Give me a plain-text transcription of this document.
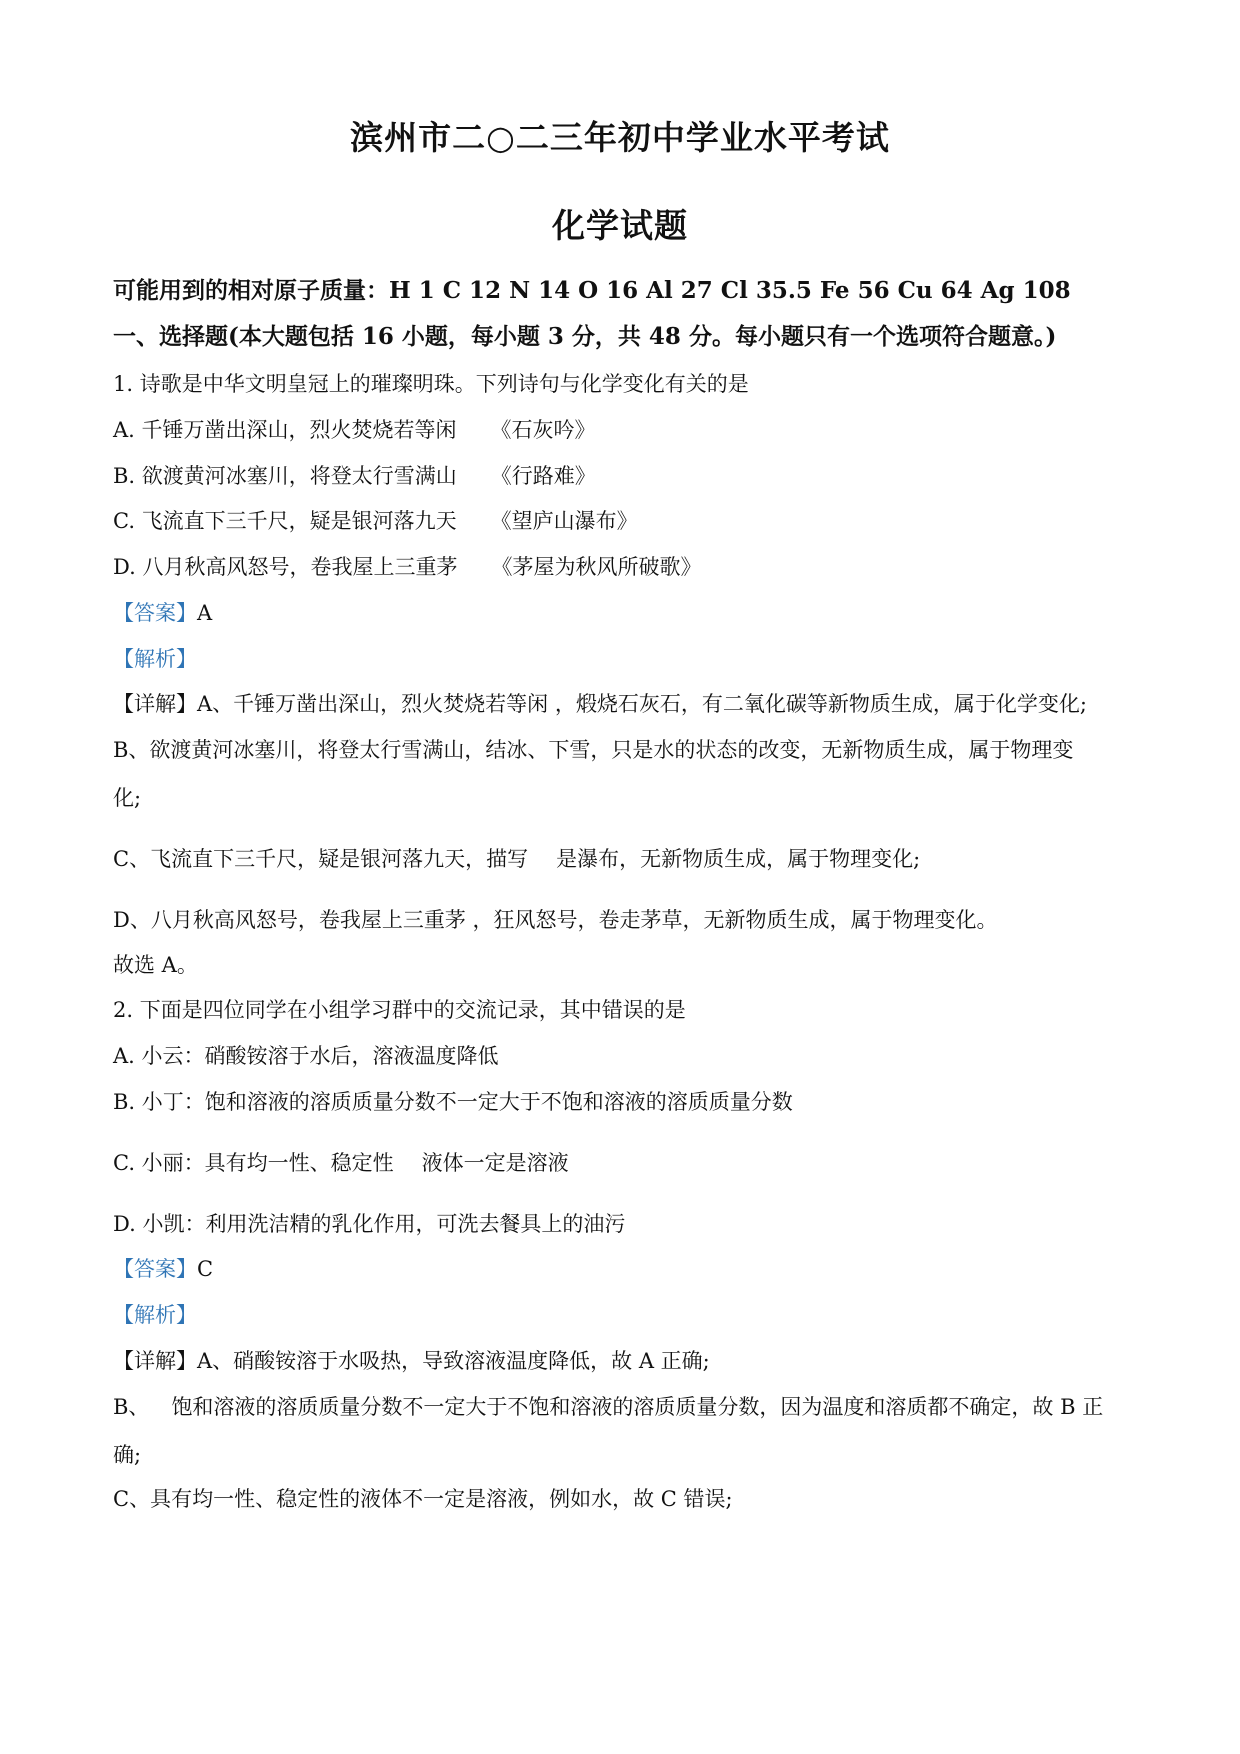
滨州市二○二三年初中学业水平考试
化学试题
可能用到的相对原子质量：H 1 C 12 N 14 O 16 Al 27 Cl 35.5 Fe 56 Cu 64 Ag 108
一、选择题(本大题包括 16 小题，每小题 3 分，共 48 分。每小题只有一个选项符合题意。)
1. 诗歌是中华文明皇冠上的璀璨明珠。下列诗句与化学变化有关的是
A. 千锤万凿出深山，烈火焚烧若等闲 《石灰吟》
B. 欲渡黄河冰塞川，将登太行雪满山 《行路难》
C. 飞流直下三千尺，疑是银河落九天 《望庐山瀑布》
D. 八月秋高风怒号，卷我屋上三重茅 《茅屋为秋风所破歌》
【答案】A
【解析】
【详解】A、千锤万凿出深山，烈火焚烧若等闲 ，煅烧石灰石，有二氧化碳等新物质生成，属于化学变化;
B、欲渡黄河冰塞川，将登太行雪满山，结冰、下雪，只是水的状态的改变，无新物质生成，属于物理变
化;
C、飞流直下三千尺，疑是银河落九天，描写 是瀑布，无新物质生成，属于物理变化;
D、八月秋高风怒号，卷我屋上三重茅 ，狂风怒号，卷走茅草，无新物质生成，属于物理变化。
故选 A。
2. 下面是四位同学在小组学习群中的交流记录，其中错误的是
A. 小云：硝酸铵溶于水后，溶液温度降低
B. 小丁：饱和溶液的溶质质量分数不一定大于不饱和溶液的溶质质量分数
C. 小丽：具有均一性、稳定性 液体一定是溶液
D. 小凯：利用洗洁精的乳化作用，可洗去餐具上的油污
【答案】C
【解析】
【详解】A、硝酸铵溶于水吸热，导致溶液温度降低，故 A 正确;
B、 饱和溶液的溶质质量分数不一定大于不饱和溶液的溶质质量分数，因为温度和溶质都不确定，故 B 正
确;
C、具有均一性、稳定性的液体不一定是溶液，例如水，故 C 错误;
